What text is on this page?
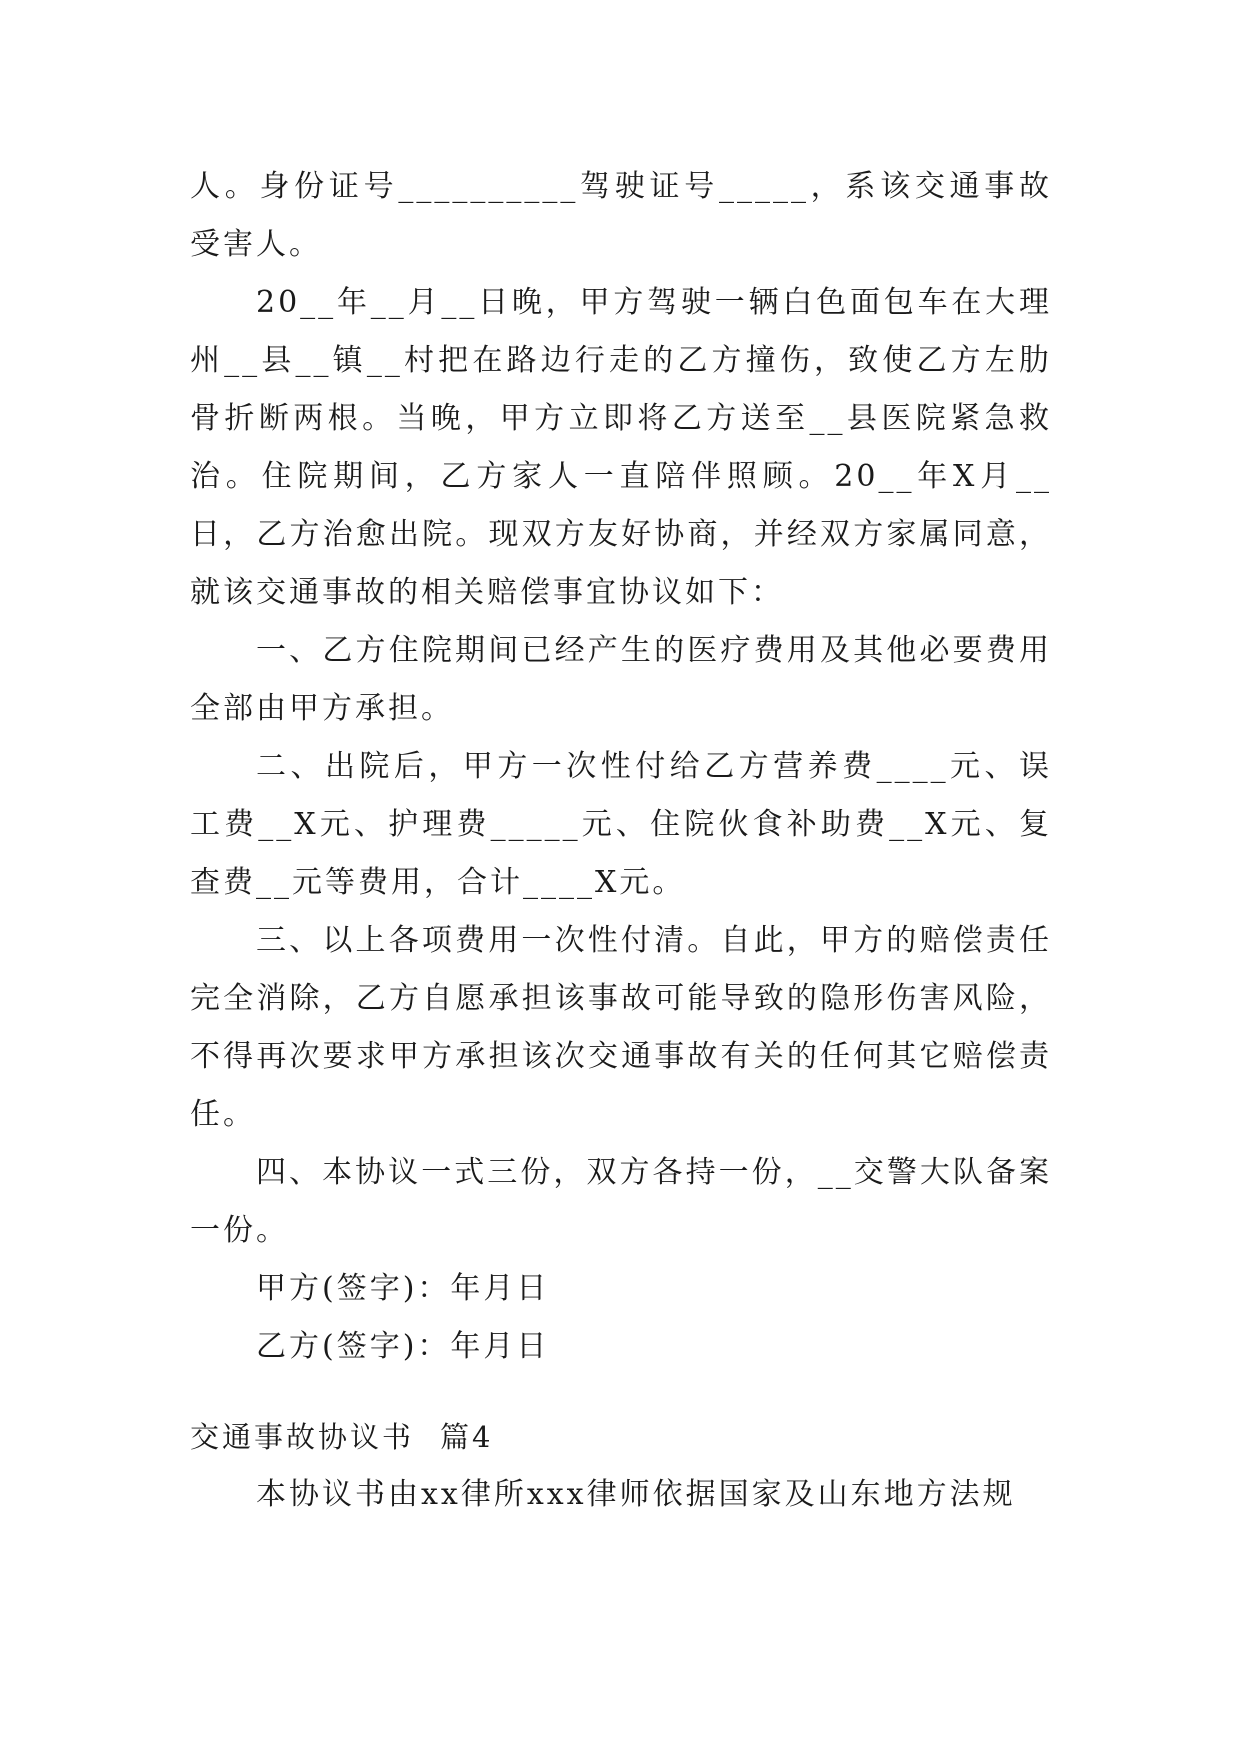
人。身份证号__________驾驶证号_____，系该交通事故受害人。

20__年__月__日晚，甲方驾驶一辆白色面包车在大理州__县__镇__村把在路边行走的乙方撞伤，致使乙方左肋骨折断两根。当晚，甲方立即将乙方送至__县医院紧急救治。住院期间，乙方家人一直陪伴照顾。20__年X月__日，乙方治愈出院。现双方友好协商，并经双方家属同意，就该交通事故的相关赔偿事宜协议如下：

一、乙方住院期间已经产生的医疗费用及其他必要费用全部由甲方承担。

二、出院后，甲方一次性付给乙方营养费____元、误工费__X元、护理费_____元、住院伙食补助费__X元、复查费__元等费用，合计____X元。

三、以上各项费用一次性付清。自此，甲方的赔偿责任完全消除，乙方自愿承担该事故可能导致的隐形伤害风险，不得再次要求甲方承担该次交通事故有关的任何其它赔偿责任。

四、本协议一式三份，双方各持一份，__交警大队备案一份。

甲方(签字)：年月日

乙方(签字)：年月日

交通事故协议书 篇4

本协议书由xx律所xxx律师依据国家及山东地方法规
